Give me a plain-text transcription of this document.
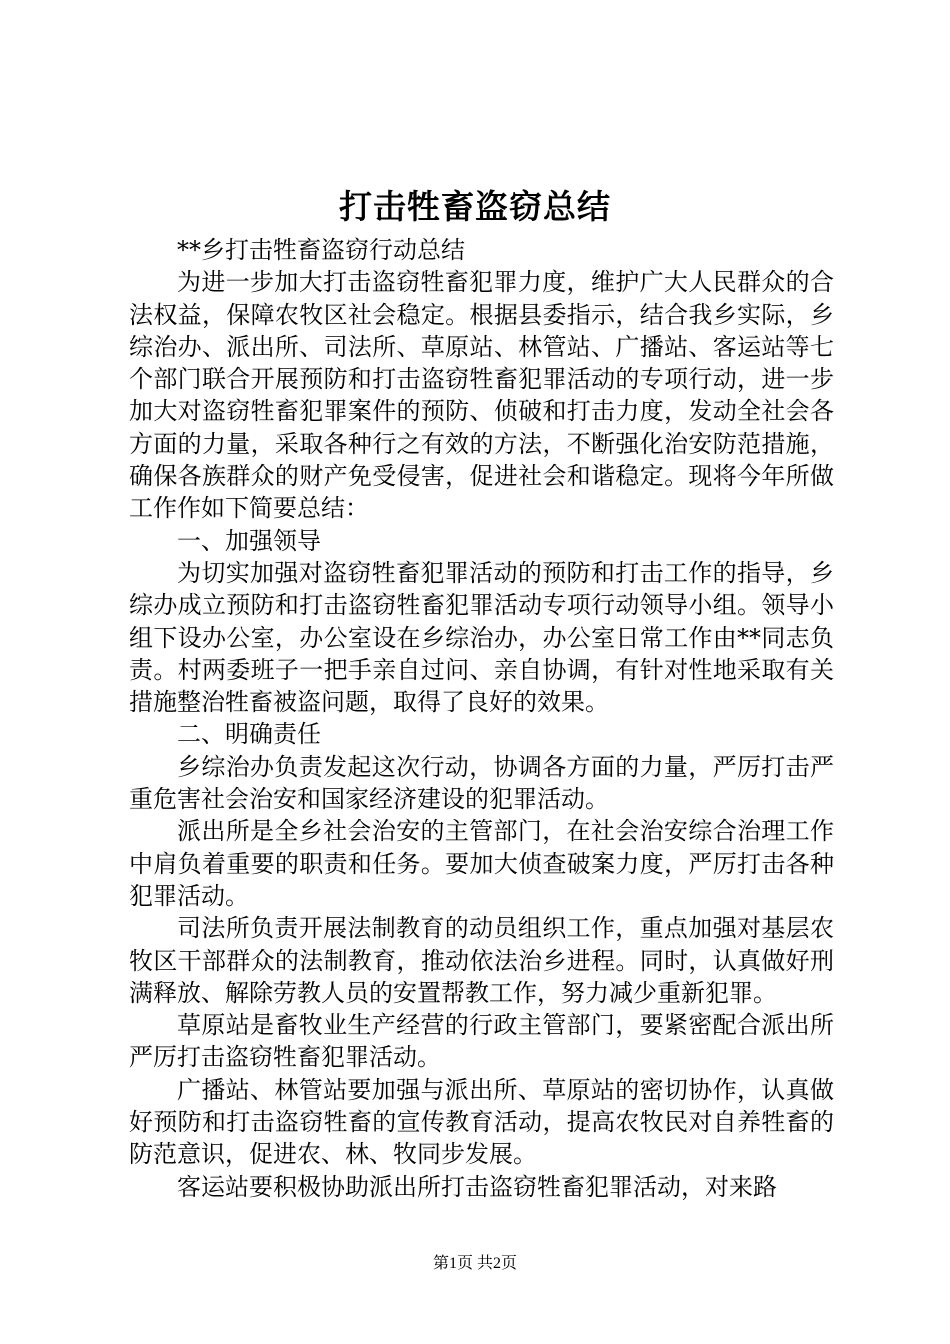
打击牲畜盗窃总结

**乡打击牲畜盗窃行动总结

为进一步加大打击盗窃牲畜犯罪力度，维护广大人民群众的合法权益，保障农牧区社会稳定。根据县委指示，结合我乡实际，乡综治办、派出所、司法所、草原站、林管站、广播站、客运站等七个部门联合开展预防和打击盗窃牲畜犯罪活动的专项行动，进一步加大对盗窃牲畜犯罪案件的预防、侦破和打击力度，发动全社会各方面的力量，采取各种行之有效的方法，不断强化治安防范措施，确保各族群众的财产免受侵害，促进社会和谐稳定。现将今年所做工作作如下简要总结：

一、加强领导

为切实加强对盗窃牲畜犯罪活动的预防和打击工作的指导，乡综办成立预防和打击盗窃牲畜犯罪活动专项行动领导小组。领导小组下设办公室，办公室设在乡综治办，办公室日常工作由**同志负责。村两委班子一把手亲自过问、亲自协调，有针对性地采取有关措施整治牲畜被盗问题，取得了良好的效果。

二、明确责任

乡综治办负责发起这次行动，协调各方面的力量，严厉打击严重危害社会治安和国家经济建设的犯罪活动。

派出所是全乡社会治安的主管部门，在社会治安综合治理工作中肩负着重要的职责和任务。要加大侦查破案力度，严厉打击各种犯罪活动。

司法所负责开展法制教育的动员组织工作，重点加强对基层农牧区干部群众的法制教育，推动依法治乡进程。同时，认真做好刑满释放、解除劳教人员的安置帮教工作，努力减少重新犯罪。

草原站是畜牧业生产经营的行政主管部门，要紧密配合派出所严厉打击盗窃牲畜犯罪活动。

广播站、林管站要加强与派出所、草原站的密切协作，认真做好预防和打击盗窃牲畜的宣传教育活动，提高农牧民对自养牲畜的防范意识，促进农、林、牧同步发展。

客运站要积极协助派出所打击盗窃牲畜犯罪活动，对来路

第1页 共2页
